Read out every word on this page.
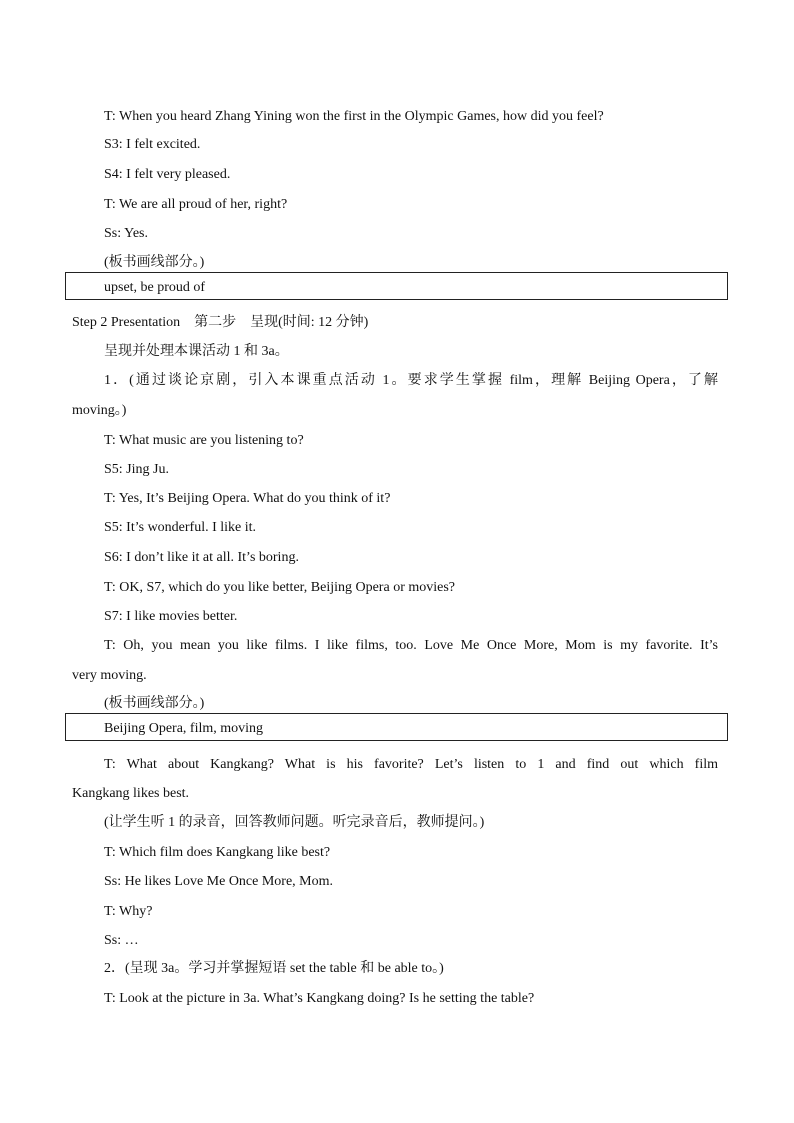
T: When you heard Zhang Yining won the first in the Olympic Games, how did you feel?
S3: I felt excited.
S4: I felt very pleased.
T: We are all proud of her, right?
Ss: Yes.
(板书画线部分。)
upset, be proud of
Step 2 Presentation　第二步　呈现(时间: 12 分钟)
呈现并处理本课活动 1 和 3a。
1．(通过谈论京剧，引入本课重点活动 1。要求学生掌握 film，理解 Beijing Opera，了解
moving。)
T: What music are you listening to?
S5: Jing Ju.
T: Yes, It’s Beijing Opera. What do you think of it?
S5: It’s wonderful. I like it.
S6: I don’t like it at all. It’s boring.
T: OK, S7, which do you like better, Beijing Opera or movies?
S7: I like movies better.
T: Oh, you mean you like films. I like films, too. Love Me Once More, Mom is my favorite. It’s
very moving.
(板书画线部分。)
Beijing Opera, film, moving
T: What about Kangkang? What is his favorite? Let’s listen to 1 and find out which film
Kangkang likes best.
(让学生听 1 的录音，回答教师问题。听完录音后，教师提问。)
T: Which film does Kangkang like best?
Ss: He likes Love Me Once More, Mom.
T: Why?
Ss: …
2．(呈现 3a。学习并掌握短语 set the table 和 be able to。)
T: Look at the picture in 3a. What’s Kangkang doing? Is he setting the table?
